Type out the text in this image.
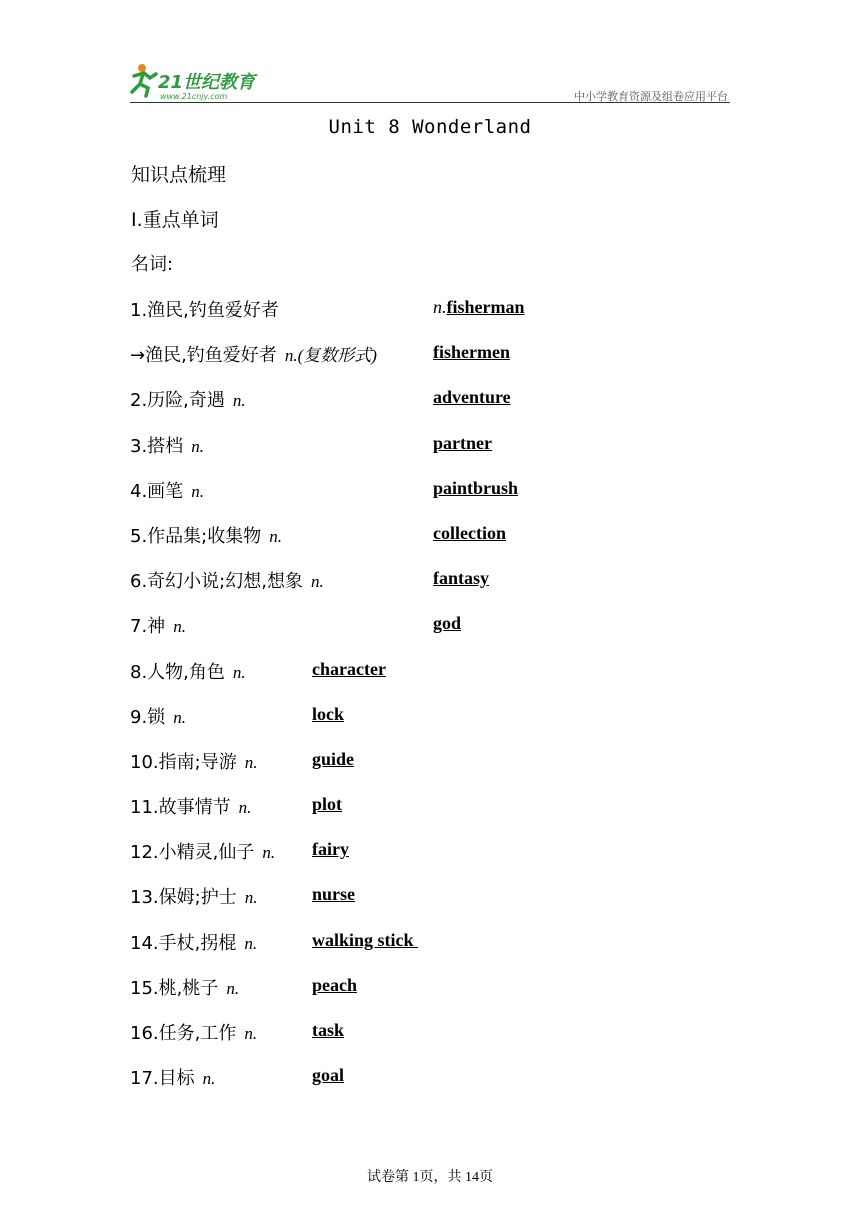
21世纪教育
www.21cnjy.com	中小学教育资源及组卷应用平台
Unit 8 Wonderland
知识点梳理
Ⅰ.重点单词
名词:
1.渔民,钓鱼爱好者	n.fisherman
→渔民,钓鱼爱好者 n.(复数形式)	fishermen
2.历险,奇遇 n.	adventure
3.搭档 n.	partner
4.画笔 n.	paintbrush
5.作品集;收集物 n.	collection
6.奇幻小说;幻想,想象 n.	fantasy
7.神 n.	god
8.人物,角色 n.	character
9.锁 n.	lock
10.指南;导游 n.	guide
11.故事情节 n.	plot
12.小精灵,仙子 n. fairy
13.保姆;护士 n.	nurse
14.手杖,拐棍 n.	walking stick
15.桃,桃子 n.	peach
16.任务,工作 n.	task
17.目标 n.	goal
试卷第 1页，共 14页
